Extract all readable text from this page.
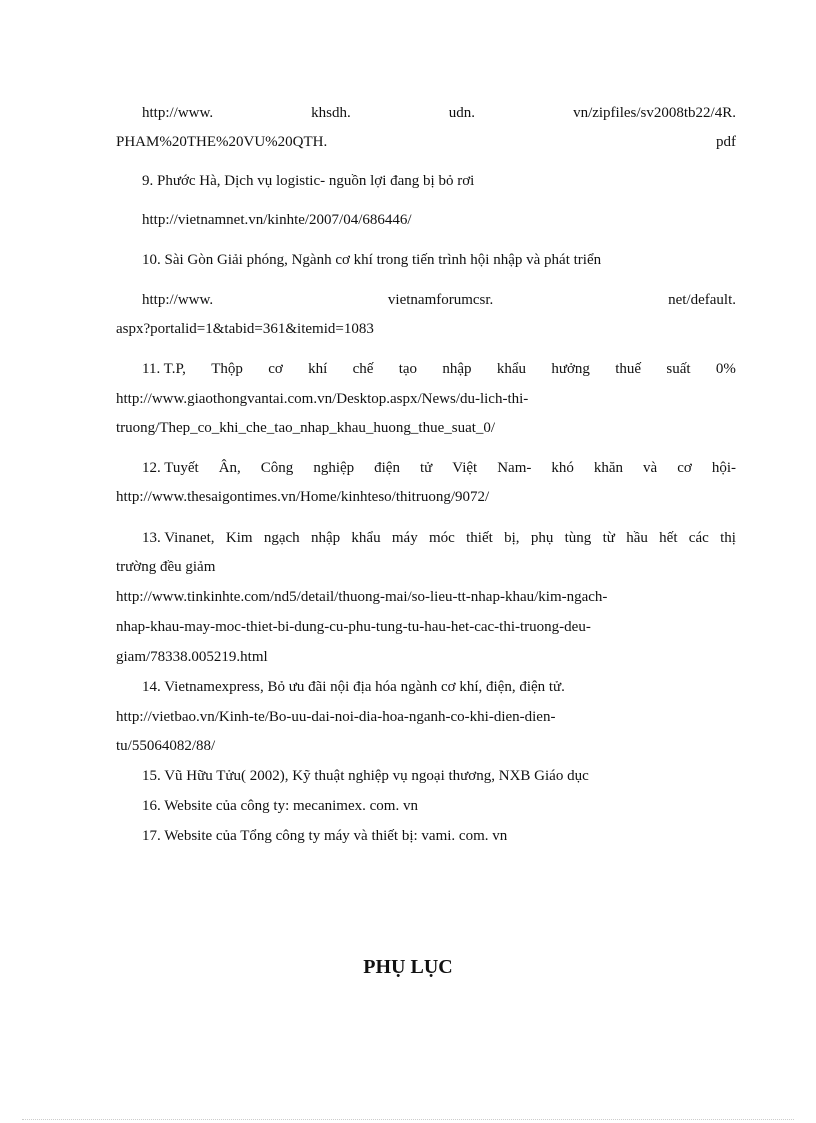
http://www.	khsdh.	udn.	vn/zipfiles/sv2008tb22/4R.
PHAM%20THE%20VU%20QTH.	pdf
9. Phước Hà, Dịch vụ logistic- nguồn lợi đang bị bỏ rơi
http://vietnamnet.vn/kinhte/2007/04/686446/
10. Sài Gòn Giải phóng, Ngành cơ khí trong tiến trình hội nhập và phát triển
http://www.	vietnamforumcsr.	net/default.
aspx?portalid=1&tabid=361&itemid=1083
11. T.P, Thộp cơ khí chế tạo nhập khẩu hưởng thuế suất 0%
http://www.giaothongvantai.com.vn/Desktop.aspx/News/du-lich-thi-
truong/Thep_co_khi_che_tao_nhap_khau_huong_thue_suat_0/
12. Tuyết Ân, Công nghiệp điện tử Việt Nam- khó khăn và cơ hội-
http://www.thesaigontimes.vn/Home/kinhteso/thitruong/9072/
13. Vinanet, Kim ngạch nhập khẩu máy móc thiết bị, phụ tùng từ hầu hết các thị
trường đều giảm
http://www.tinkinhte.com/nd5/detail/thuong-mai/so-lieu-tt-nhap-khau/kim-ngach-
nhap-khau-may-moc-thiet-bi-dung-cu-phu-tung-tu-hau-het-cac-thi-truong-deu-
giam/78338.005219.html
14. Vietnamexpress, Bỏ ưu đãi nội địa hóa ngành cơ khí, điện, điện tử.
http://vietbao.vn/Kinh-te/Bo-uu-dai-noi-dia-hoa-nganh-co-khi-dien-dien-
tu/55064082/88/
15. Vũ Hữu Tửu( 2002), Kỹ thuật nghiệp vụ ngoại thương, NXB Giáo dục
16. Website của công ty: mecanimex. com. vn
17. Website của Tổng công ty máy và thiết bị: vami. com. vn
PHỤ LỤC
